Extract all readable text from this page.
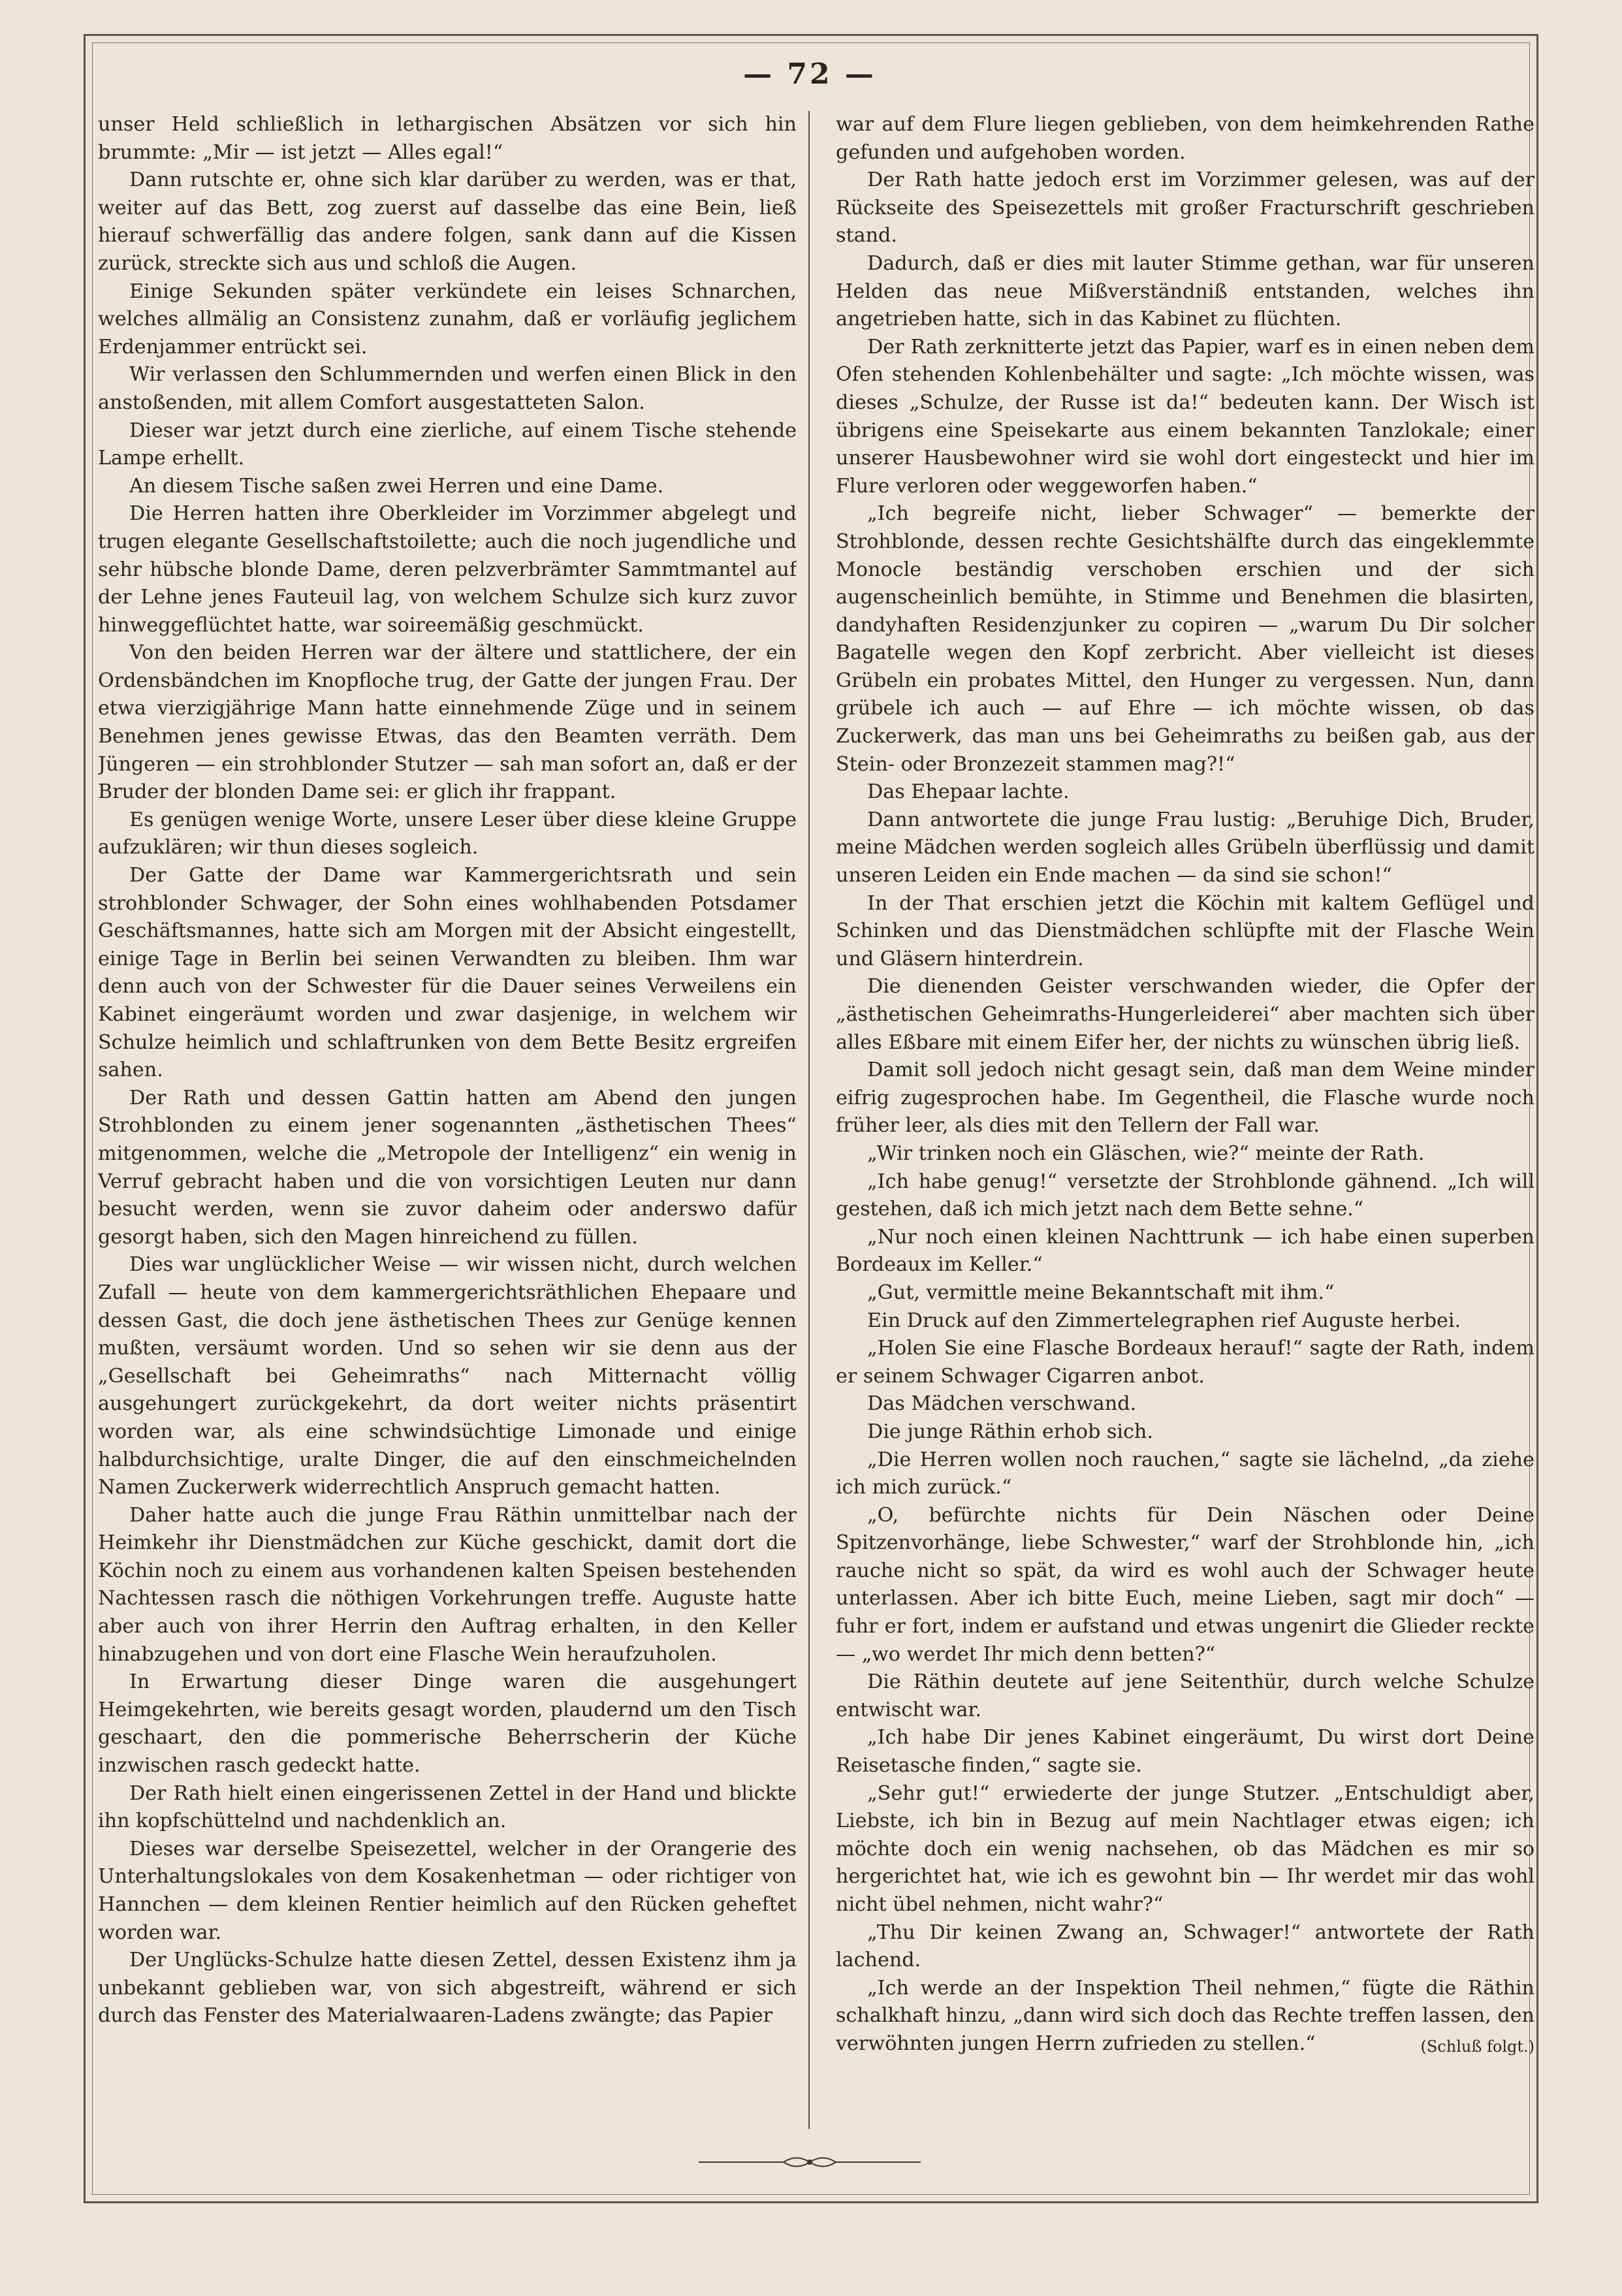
— 72 —

unser Held schließlich in lethargischen Absätzen vor sich hin brummte: „Mir — ist jetzt — Alles egal!“

Dann rutschte er, ohne sich klar darüber zu werden, was er that, weiter auf das Bett, zog zuerst auf dasselbe das eine Bein, ließ hierauf schwerfällig das andere folgen, sank dann auf die Kissen zurück, streckte sich aus und schloß die Augen.

Einige Sekunden später verkündete ein leises Schnarchen, welches allmälig an Consistenz zunahm, daß er vorläufig jeglichem Erdenjammer entrückt sei.

Wir verlassen den Schlummernden und werfen einen Blick in den anstoßenden, mit allem Comfort ausgestatteten Salon.

Dieser war jetzt durch eine zierliche, auf einem Tische stehende Lampe erhellt.

An diesem Tische saßen zwei Herren und eine Dame.

Die Herren hatten ihre Oberkleider im Vorzimmer abgelegt und trugen elegante Gesellschaftstoilette; auch die noch jugendliche und sehr hübsche blonde Dame, deren pelzverbrämter Sammtmantel auf der Lehne jenes Fauteuil lag, von welchem Schulze sich kurz zuvor hinweggeflüchtet hatte, war soireemäßig geschmückt.

Von den beiden Herren war der ältere und stattlichere, der ein Ordensbändchen im Knopfloche trug, der Gatte der jungen Frau. Der etwa vierzigjährige Mann hatte einnehmende Züge und in seinem Benehmen jenes gewisse Etwas, das den Beamten verräth. Dem Jüngeren — ein strohblonder Stutzer — sah man sofort an, daß er der Bruder der blonden Dame sei: er glich ihr frappant.

Es genügen wenige Worte, unsere Leser über diese kleine Gruppe aufzuklären; wir thun dieses sogleich.

Der Gatte der Dame war Kammergerichtsrath und sein strohblonder Schwager, der Sohn eines wohlhabenden Potsdamer Geschäftsmannes, hatte sich am Morgen mit der Absicht eingestellt, einige Tage in Berlin bei seinen Verwandten zu bleiben. Ihm war denn auch von der Schwester für die Dauer seines Verweilens ein Kabinet eingeräumt worden und zwar dasjenige, in welchem wir Schulze heimlich und schlaftrunken von dem Bette Besitz ergreifen sahen.

Der Rath und dessen Gattin hatten am Abend den jungen Strohblonden zu einem jener sogenannten „ästhetischen Thees“ mitgenommen, welche die „Metropole der Intelligenz“ ein wenig in Verruf gebracht haben und die von vorsichtigen Leuten nur dann besucht werden, wenn sie zuvor daheim oder anderswo dafür gesorgt haben, sich den Magen hinreichend zu füllen.

Dies war unglücklicher Weise — wir wissen nicht, durch welchen Zufall — heute von dem kammergerichtsräthlichen Ehepaare und dessen Gast, die doch jene ästhetischen Thees zur Genüge kennen mußten, versäumt worden. Und so sehen wir sie denn aus der „Gesellschaft bei Geheimraths“ nach Mitternacht völlig ausgehungert zurückgekehrt, da dort weiter nichts präsentirt worden war, als eine schwindsüchtige Limonade und einige halbdurchsichtige, uralte Dinger, die auf den einschmeichelnden Namen Zuckerwerk widerrechtlich Anspruch gemacht hatten.

Daher hatte auch die junge Frau Räthin unmittelbar nach der Heimkehr ihr Dienstmädchen zur Küche geschickt, damit dort die Köchin noch zu einem aus vorhandenen kalten Speisen bestehenden Nachtessen rasch die nöthigen Vorkehrungen treffe. Auguste hatte aber auch von ihrer Herrin den Auftrag erhalten, in den Keller hinabzugehen und von dort eine Flasche Wein heraufzuholen.

In Erwartung dieser Dinge waren die ausgehungert Heimgekehrten, wie bereits gesagt worden, plaudernd um den Tisch geschaart, den die pommerische Beherrscherin der Küche inzwischen rasch gedeckt hatte.

Der Rath hielt einen eingerissenen Zettel in der Hand und blickte ihn kopfschüttelnd und nachdenklich an.

Dieses war derselbe Speisezettel, welcher in der Orangerie des Unterhaltungslokales von dem Kosakenhetman — oder richtiger von Hannchen — dem kleinen Rentier heimlich auf den Rücken geheftet worden war.

Der Unglücks-Schulze hatte diesen Zettel, dessen Existenz ihm ja unbekannt geblieben war, von sich abgestreift, während er sich durch das Fenster des Materialwaaren-Ladens zwängte; das Papier

war auf dem Flure liegen geblieben, von dem heimkehrenden Rathe gefunden und aufgehoben worden.

Der Rath hatte jedoch erst im Vorzimmer gelesen, was auf der Rückseite des Speisezettels mit großer Fracturschrift geschrieben stand.

Dadurch, daß er dies mit lauter Stimme gethan, war für unseren Helden das neue Mißverständniß entstanden, welches ihn angetrieben hatte, sich in das Kabinet zu flüchten.

Der Rath zerknitterte jetzt das Papier, warf es in einen neben dem Ofen stehenden Kohlenbehälter und sagte: „Ich möchte wissen, was dieses „Schulze, der Russe ist da!“ bedeuten kann. Der Wisch ist übrigens eine Speisekarte aus einem bekannten Tanzlokale; einer unserer Hausbewohner wird sie wohl dort eingesteckt und hier im Flure verloren oder weggeworfen haben.“

„Ich begreife nicht, lieber Schwager“ — bemerkte der Strohblonde, dessen rechte Gesichtshälfte durch das eingeklemmte Monocle beständig verschoben erschien und der sich augenscheinlich bemühte, in Stimme und Benehmen die blasirten, dandyhaften Residenzjunker zu copiren — „warum Du Dir solcher Bagatelle wegen den Kopf zerbricht. Aber vielleicht ist dieses Grübeln ein probates Mittel, den Hunger zu vergessen. Nun, dann grübele ich auch — auf Ehre — ich möchte wissen, ob das Zuckerwerk, das man uns bei Geheimraths zu beißen gab, aus der Stein- oder Bronzezeit stammen mag?!“

Das Ehepaar lachte.

Dann antwortete die junge Frau lustig: „Beruhige Dich, Bruder, meine Mädchen werden sogleich alles Grübeln überflüssig und damit unseren Leiden ein Ende machen — da sind sie schon!“

In der That erschien jetzt die Köchin mit kaltem Geflügel und Schinken und das Dienstmädchen schlüpfte mit der Flasche Wein und Gläsern hinterdrein.

Die dienenden Geister verschwanden wieder, die Opfer der „ästhetischen Geheimraths-Hungerleiderei“ aber machten sich über alles Eßbare mit einem Eifer her, der nichts zu wünschen übrig ließ.

Damit soll jedoch nicht gesagt sein, daß man dem Weine minder eifrig zugesprochen habe. Im Gegentheil, die Flasche wurde noch früher leer, als dies mit den Tellern der Fall war.

„Wir trinken noch ein Gläschen, wie?“ meinte der Rath.

„Ich habe genug!“ versetzte der Strohblonde gähnend. „Ich will gestehen, daß ich mich jetzt nach dem Bette sehne.“

„Nur noch einen kleinen Nachttrunk — ich habe einen superben Bordeaux im Keller.“

„Gut, vermittle meine Bekanntschaft mit ihm.“

Ein Druck auf den Zimmertelegraphen rief Auguste herbei.

„Holen Sie eine Flasche Bordeaux herauf!“ sagte der Rath, indem er seinem Schwager Cigarren anbot.

Das Mädchen verschwand.

Die junge Räthin erhob sich.

„Die Herren wollen noch rauchen,“ sagte sie lächelnd, „da ziehe ich mich zurück.“

„O, befürchte nichts für Dein Näschen oder Deine Spitzenvorhänge, liebe Schwester,“ warf der Strohblonde hin, „ich rauche nicht so spät, da wird es wohl auch der Schwager heute unterlassen. Aber ich bitte Euch, meine Lieben, sagt mir doch“ — fuhr er fort, indem er aufstand und etwas ungenirt die Glieder reckte — „wo werdet Ihr mich denn betten?“

Die Räthin deutete auf jene Seitenthür, durch welche Schulze entwischt war.

„Ich habe Dir jenes Kabinet eingeräumt, Du wirst dort Deine Reisetasche finden,“ sagte sie.

„Sehr gut!“ erwiederte der junge Stutzer. „Entschuldigt aber, Liebste, ich bin in Bezug auf mein Nachtlager etwas eigen; ich möchte doch ein wenig nachsehen, ob das Mädchen es mir so hergerichtet hat, wie ich es gewohnt bin — Ihr werdet mir das wohl nicht übel nehmen, nicht wahr?“

„Thu Dir keinen Zwang an, Schwager!“ antwortete der Rath lachend.

„Ich werde an der Inspektion Theil nehmen,“ fügte die Räthin schalkhaft hinzu, „dann wird sich doch das Rechte treffen lassen, den verwöhnten jungen Herrn zufrieden zu stellen.“	(Schluß folgt.)
